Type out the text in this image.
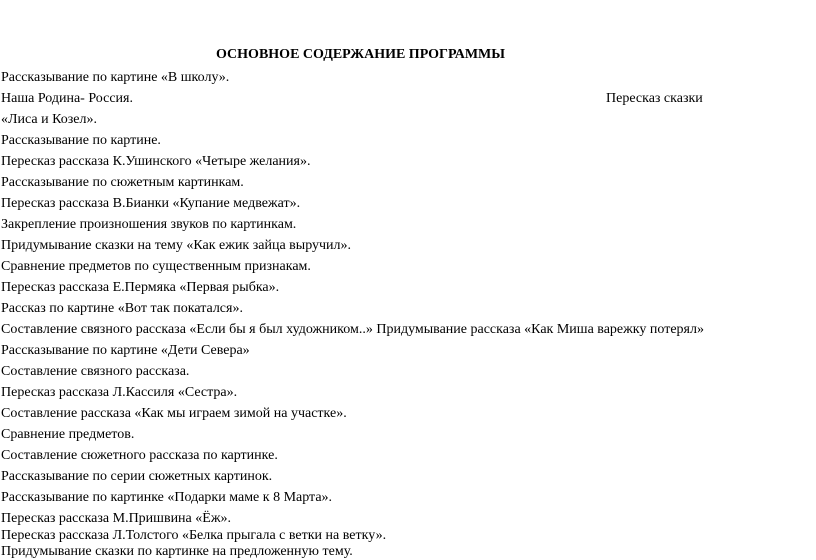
ОСНОВНОЕ СОДЕРЖАНИЕ ПРОГРАММЫ
Рассказывание по картине «В школу».
Наша Родина- Россия.	Пересказ сказки
«Лиса и Козел».
Рассказывание по картине.
Пересказ рассказа К.Ушинского «Четыре желания».
Рассказывание по сюжетным картинкам.
Пересказ рассказа В.Бианки «Купание медвежат».
Закрепление произношения звуков по картинкам.
Придумывание сказки на тему «Как ежик зайца выручил».
Сравнение предметов по существенным признакам.
Пересказ рассказа Е.Пермяка «Первая рыбка».
Рассказ по картине «Вот так покатался».
Составление связного рассказа «Если бы я был художником..» Придумывание рассказа «Как Миша варежку потерял»
Рассказывание по картине «Дети Севера»
Составление связного рассказа.
Пересказ рассказа Л.Кассиля «Сестра».
Составление рассказа «Как мы играем зимой на участке».
Сравнение предметов.
Составление сюжетного рассказа по картинке.
Рассказывание по серии сюжетных картинок.
Рассказывание по картинке «Подарки маме к 8 Марта».
Пересказ рассказа М.Пришвина «Ёж».
Пересказ рассказа Л.Толстого «Белка прыгала с ветки на ветку».
Придумывание сказки по картинке на предложенную тему.
